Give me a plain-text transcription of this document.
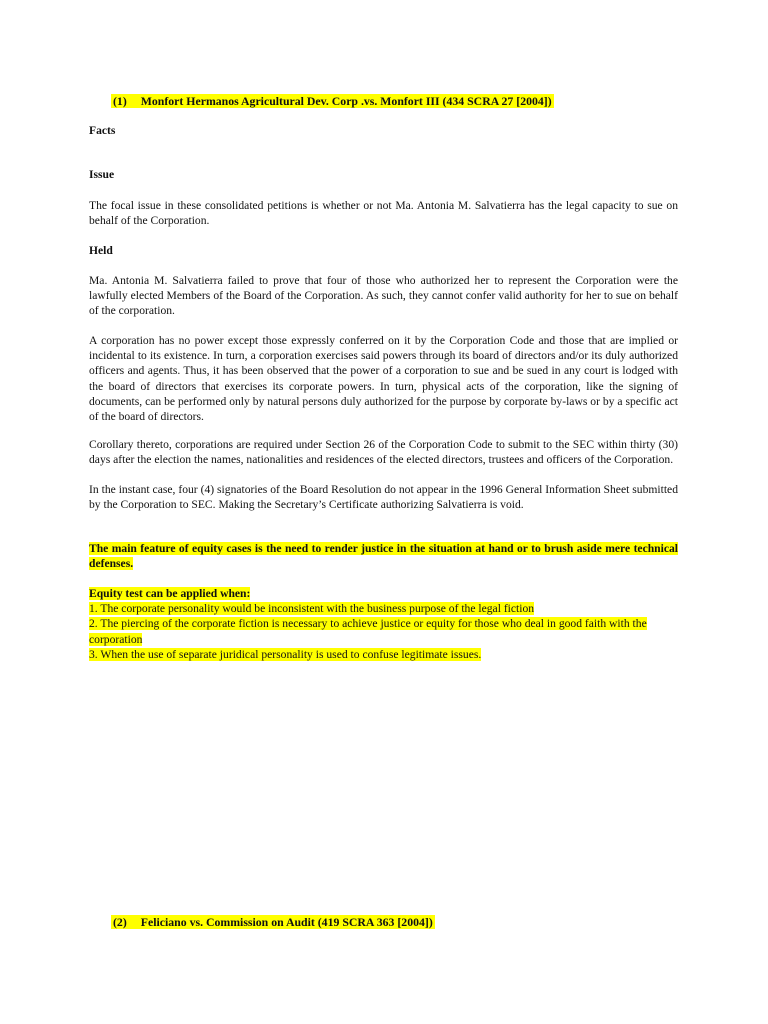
(1) Monfort Hermanos Agricultural Dev. Corp .vs. Monfort III (434 SCRA 27 [2004])
Facts
Issue

The focal issue in these consolidated petitions is whether or not Ma. Antonia M. Salvatierra has the legal capacity to sue on behalf of the Corporation.

Held

Ma. Antonia M. Salvatierra failed to prove that four of those who authorized her to represent the Corporation were the lawfully elected Members of the Board of the Corporation. As such, they cannot confer valid authority for her to sue on behalf of the corporation.

A corporation has no power except those expressly conferred on it by the Corporation Code and those that are implied or incidental to its existence. In turn, a corporation exercises said powers through its board of directors and/or its duly authorized officers and agents. Thus, it has been observed that the power of a corporation to sue and be sued in any court is lodged with the board of directors that exercises its corporate powers. In turn, physical acts of the corporation, like the signing of documents, can be performed only by natural persons duly authorized for the purpose by corporate by-laws or by a specific act of the board of directors.

Corollary thereto, corporations are required under Section 26 of the Corporation Code to submit to the SEC within thirty (30) days after the election the names, nationalities and residences of the elected directors, trustees and officers of the Corporation.

In the instant case, four (4) signatories of the Board Resolution do not appear in the 1996 General Information Sheet submitted by the Corporation to SEC. Making the Secretary’s Certificate authorizing Salvatierra is void.

The main feature of equity cases is the need to render justice in the situation at hand or to brush aside mere technical defenses.

Equity test can be applied when:
1. The corporate personality would be inconsistent with the business purpose of the legal fiction
2. The piercing of the corporate fiction is necessary to achieve justice or equity for those who deal in good faith with the corporation
3. When the use of separate juridical personality is used to confuse legitimate issues.
(2) Feliciano vs. Commission on Audit (419 SCRA 363 [2004])
